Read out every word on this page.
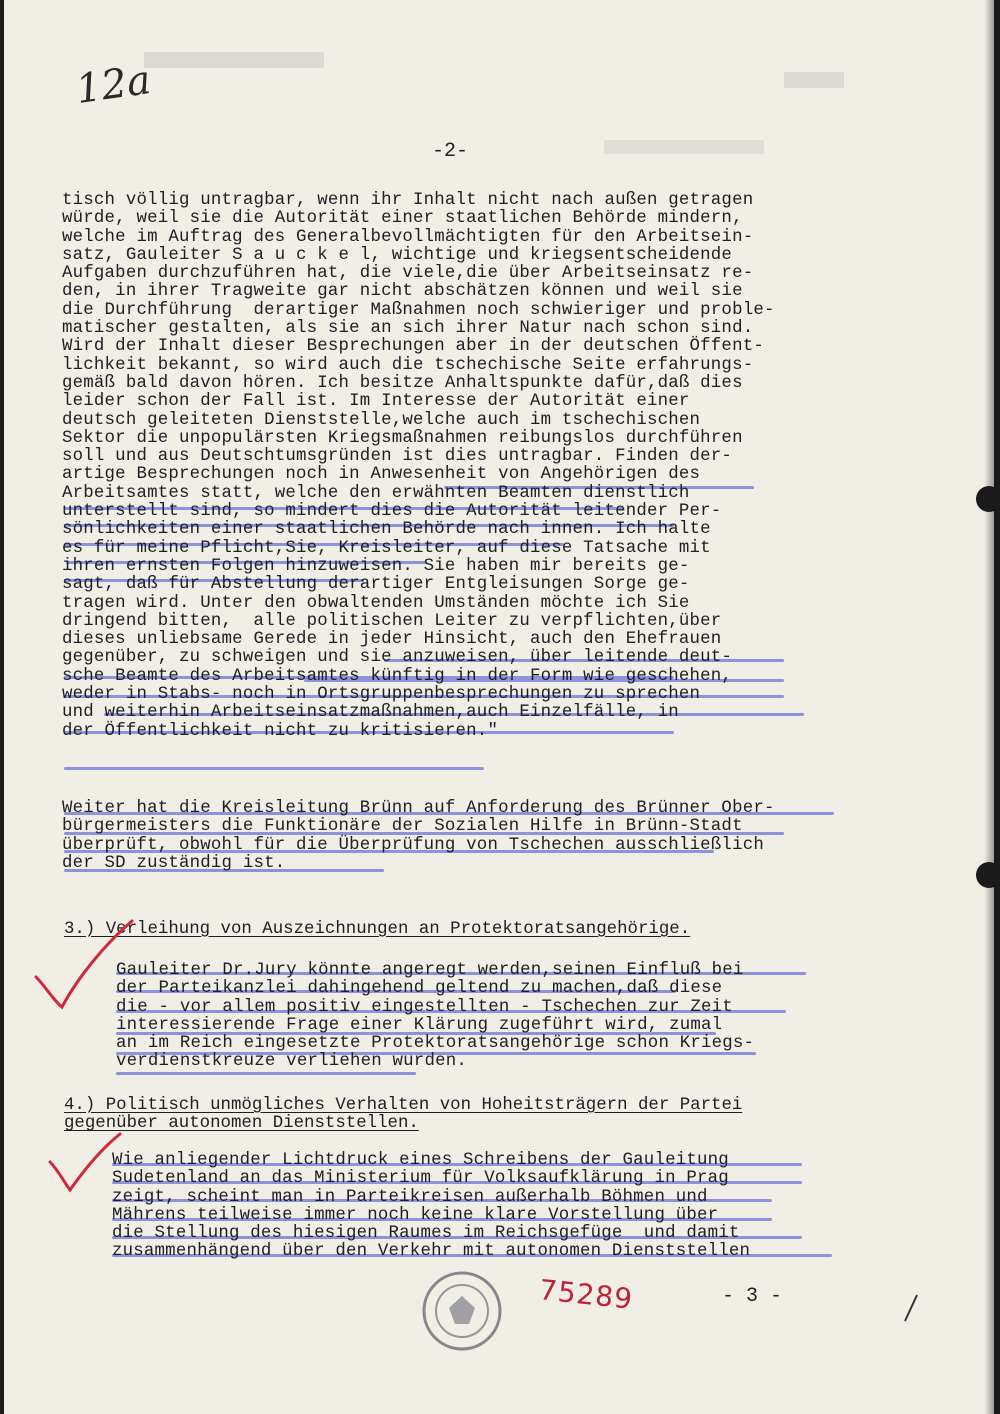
12a
-2-
tisch völlig untragbar, wenn ihr Inhalt nicht nach außen getragen
würde, weil sie die Autorität einer staatlichen Behörde mindern,
welche im Auftrag des Generalbevollmächtigten für den Arbeitsein-
satz, Gauleiter S a u c k e l, wichtige und kriegsentscheidende
Aufgaben durchzuführen hat, die viele,die über Arbeitseinsatz re-
den, in ihrer Tragweite gar nicht abschätzen können und weil sie
die Durchführung  derartiger Maßnahmen noch schwieriger und proble-
matischer gestalten, als sie an sich ihrer Natur nach schon sind.
Wird der Inhalt dieser Besprechungen aber in der deutschen Öffent-
lichkeit bekannt, so wird auch die tschechische Seite erfahrungs-
gemäß bald davon hören. Ich besitze Anhaltspunkte dafür,daß dies
leider schon der Fall ist. Im Interesse der Autorität einer
deutsch geleiteten Dienststelle,welche auch im tschechischen
Sektor die unpopulärsten Kriegsmaßnahmen reibungslos durchführen
soll und aus Deutschtumsgründen ist dies untragbar. Finden der-
artige Besprechungen noch in Anwesenheit von Angehörigen des
Arbeitsamtes statt, welche den erwähnten Beamten dienstlich
unterstellt sind, so mindert dies die Autorität leitender Per-
sönlichkeiten einer staatlichen Behörde nach innen. Ich halte
es für meine Pflicht,Sie, Kreisleiter, auf diese Tatsache mit
ihren ernsten Folgen hinzuweisen. Sie haben mir bereits ge-
sagt, daß für Abstellung derartiger Entgleisungen Sorge ge-
tragen wird. Unter den obwaltenden Umständen möchte ich Sie
dringend bitten,  alle politischen Leiter zu verpflichten,über
dieses unliebsame Gerede in jeder Hinsicht, auch den Ehefrauen
gegenüber, zu schweigen und sie anzuweisen, über leitende deut-
sche Beamte des Arbeitsamtes künftig in der Form wie geschehen,
weder in Stabs- noch in Ortsgruppenbesprechungen zu sprechen
und weiterhin Arbeitseinsatzmaßnahmen,auch Einzelfälle, in
der Öffentlichkeit nicht zu kritisieren."
Weiter hat die Kreisleitung Brünn auf Anforderung des Brünner Ober-
bürgermeisters die Funktionäre der Sozialen Hilfe in Brünn-Stadt
überprüft, obwohl für die Überprüfung von Tschechen ausschließlich
der SD zuständig ist.
3.) Verleihung von Auszeichnungen an Protektoratsangehörige.
Gauleiter Dr.Jury könnte angeregt werden,seinen Einfluß bei
der Parteikanzlei dahingehend geltend zu machen,daß diese
die - vor allem positiv eingestellten - Tschechen zur Zeit
interessierende Frage einer Klärung zugeführt wird, zumal
an im Reich eingesetzte Protektoratsangehörige schon Kriegs-
verdienstkreuze verliehen wurden.
4.) Politisch unmögliches Verhalten von Hoheitsträgern der Partei
gegenüber autonomen Dienststellen.
Wie anliegender Lichtdruck eines Schreibens der Gauleitung
Sudetenland an das Ministerium für Volksaufklärung in Prag
zeigt, scheint man in Parteikreisen außerhalb Böhmen und
Mährens teilweise immer noch keine klare Vorstellung über
die Stellung des hiesigen Raumes im Reichsgefüge  und damit
zusammenhängend über den Verkehr mit autonomen Dienststellen
75289	- 3 -
